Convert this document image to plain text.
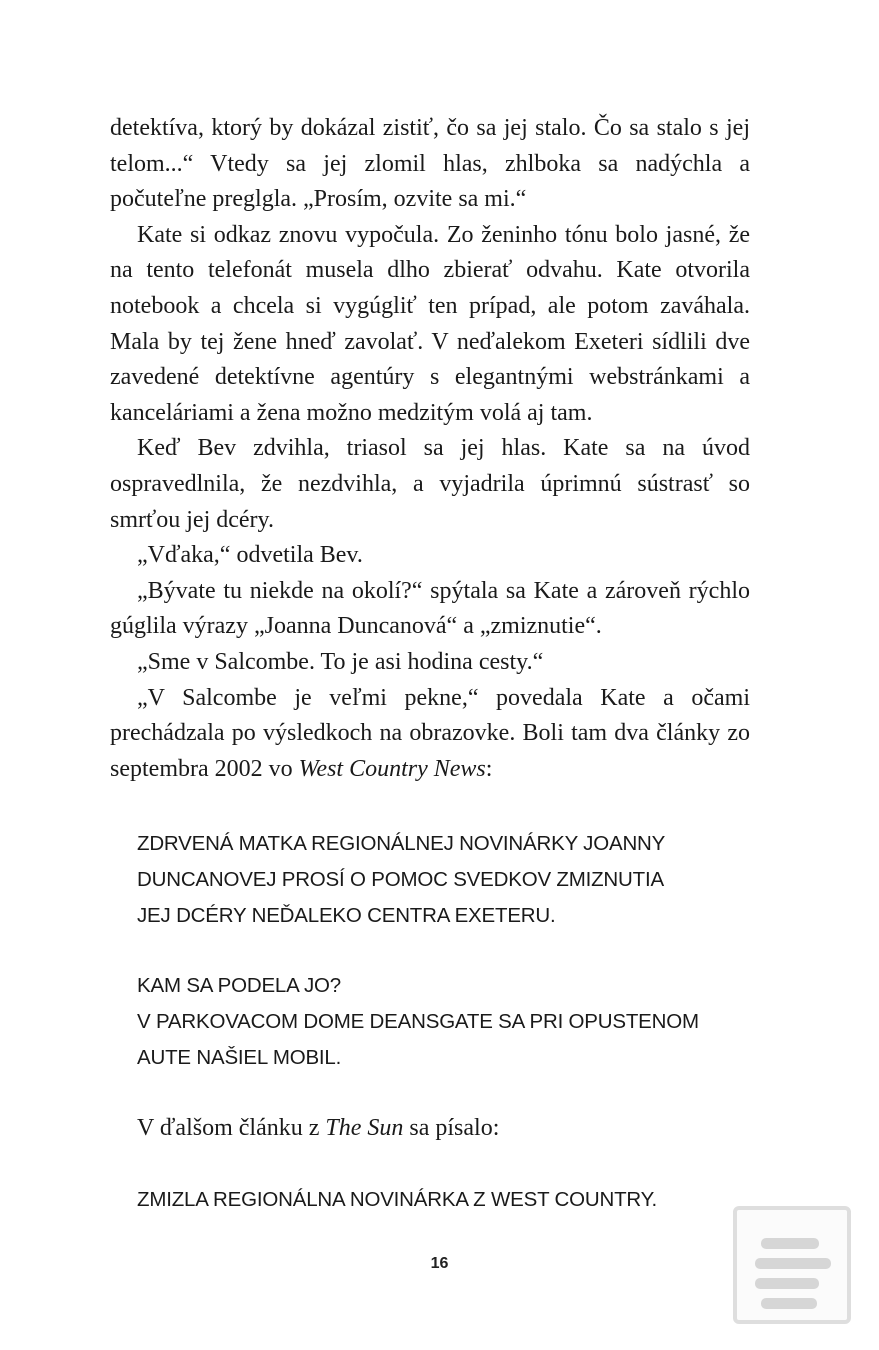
detektíva, ktorý by dokázal zistiť, čo sa jej stalo. Čo sa stalo s jej telom...“ Vtedy sa jej zlomil hlas, zhlboka sa nadýchla a počuteľne preglgla. „Prosím, ozvite sa mi.“

Kate si odkaz znovu vypočula. Zo ženinho tónu bolo jasné, že na tento telefonát musela dlho zbierať odvahu. Kate otvorila notebook a chcela si vygúgliť ten prípad, ale potom zaváhala. Mala by tej žene hneď zavolať. V neďalekom Exeteri sídlili dve zavedené detektívne agentúry s elegantnými webstránkami a kanceláriami a žena možno medzitým volá aj tam.

Keď Bev zdvihla, triasol sa jej hlas. Kate sa na úvod ospravedlnila, že nezdvihla, a vyjadrila úprimnú sústrasť so smrťou jej dcéry.

„Vďaka,“ odvetila Bev.

„Bývate tu niekde na okolí?“ spýtala sa Kate a zároveň rýchlo gúglila výrazy „Joanna Duncanová“ a „zmiznutie“.

„Sme v Salcombe. To je asi hodina cesty.“

„V Salcombe je veľmi pekne,“ povedala Kate a očami prechádzala po výsledkoch na obrazovke. Boli tam dva články zo septembra 2002 vo West Country News:

ZDRVENÁ MATKA REGIONÁLNEJ NOVINÁRKY JOANNY
DUNCANOVEJ PROSÍ O POMOC SVEDKOV ZMIZNUTIA
JEJ DCÉRY NEĎALEKO CENTRA EXETERU.
KAM SA PODELA JO?
V PARKOVACOM DOME DEANSGATE SA PRI OPUSTENOM
AUTE NAŠIEL MOBIL.
V ďalšom článku z The Sun sa písalo:
ZMIZLA REGIONÁLNA NOVINÁRKA Z WEST COUNTRY.
16
